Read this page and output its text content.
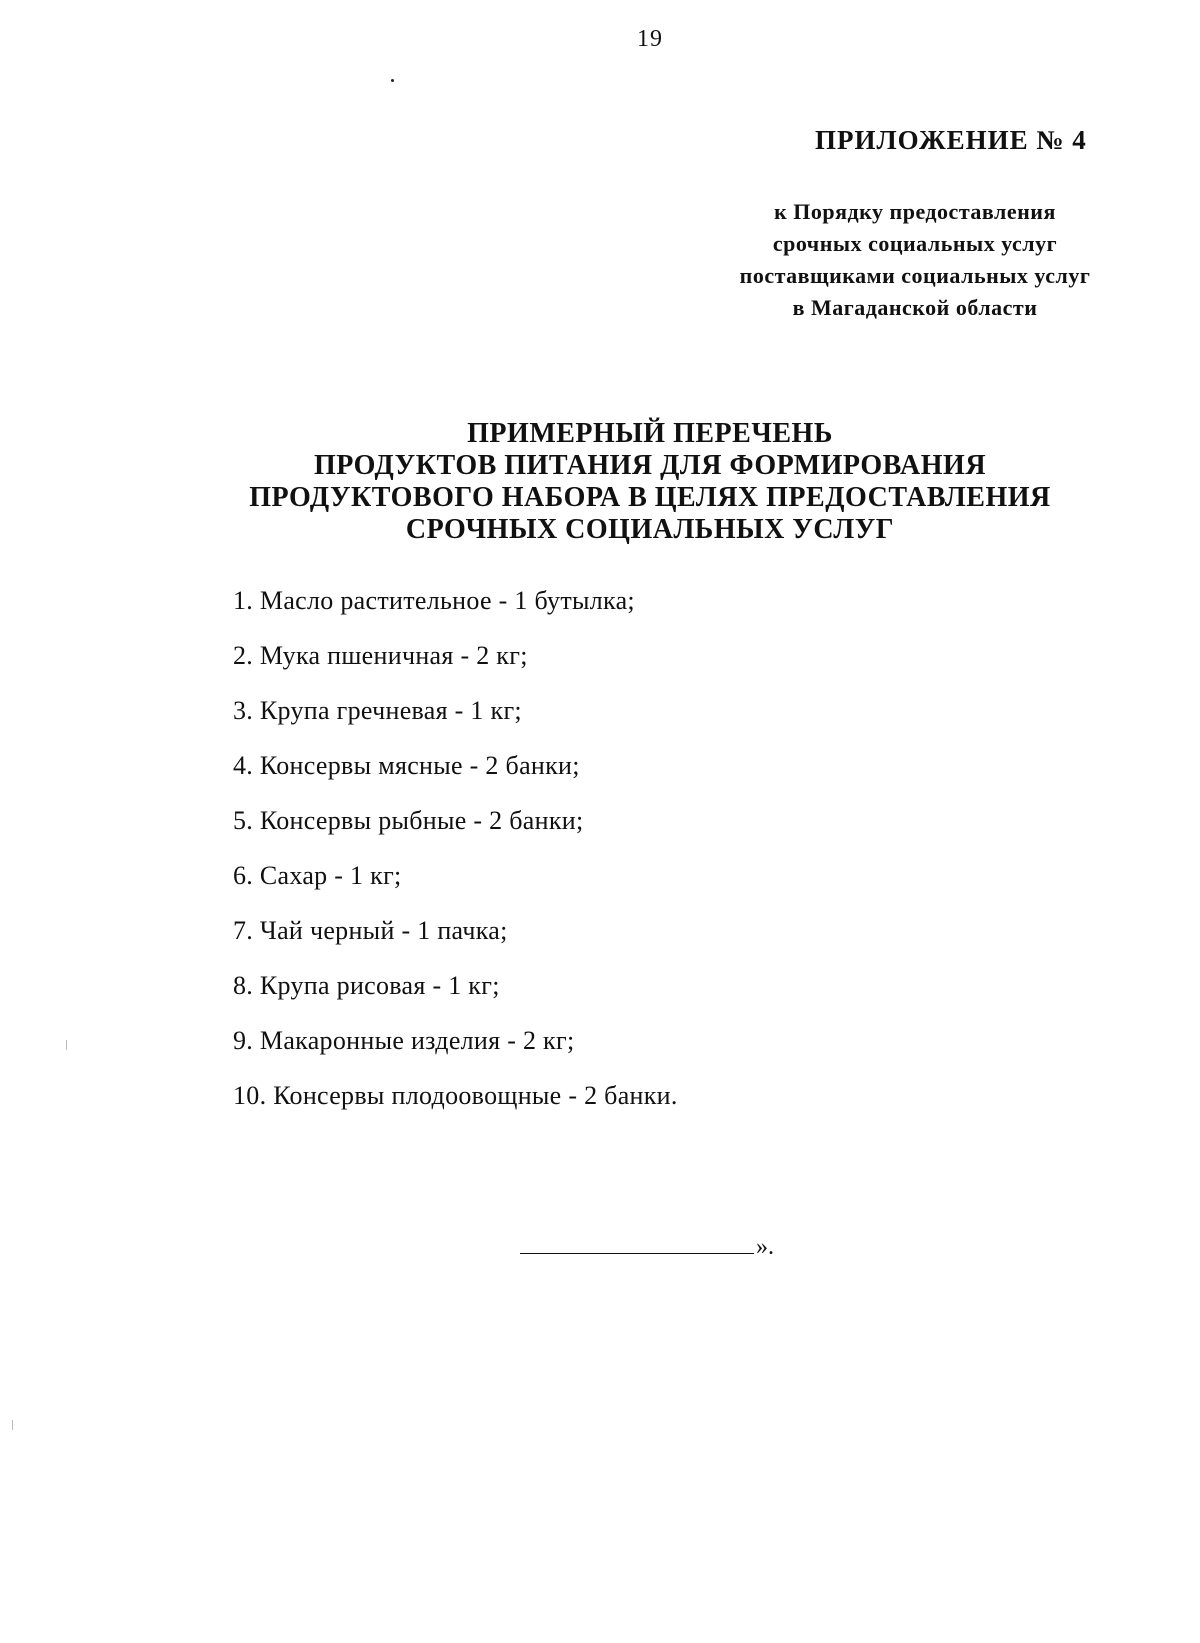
19
ПРИЛОЖЕНИЕ № 4
к Порядку предоставления
срочных социальных услуг
поставщиками социальных услуг
в Магаданской области
ПРИМЕРНЫЙ ПЕРЕЧЕНЬ
ПРОДУКТОВ ПИТАНИЯ ДЛЯ ФОРМИРОВАНИЯ
ПРОДУКТОВОГО НАБОРА В ЦЕЛЯХ ПРЕДОСТАВЛЕНИЯ
СРОЧНЫХ СОЦИАЛЬНЫХ УСЛУГ
1. Масло растительное - 1 бутылка;
2. Мука пшеничная - 2 кг;
3. Крупа гречневая - 1 кг;
4. Консервы мясные - 2 банки;
5. Консервы рыбные - 2 банки;
6. Сахар - 1 кг;
7. Чай черный - 1 пачка;
8. Крупа рисовая - 1 кг;
9. Макаронные изделия - 2 кг;
10. Консервы плодоовощные - 2 банки.
».
